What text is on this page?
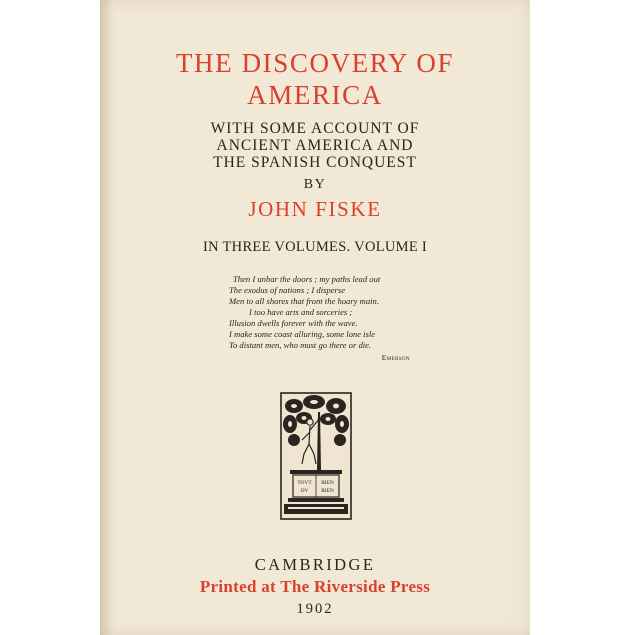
THE DISCOVERY OF
AMERICA
WITH SOME ACCOUNT OF
ANCIENT AMERICA AND
THE SPANISH CONQUEST
BY
JOHN FISKE
IN THREE VOLUMES. VOLUME I
Then I unbar the doors ; my paths lead out
The exodus of nations ; I disperse
Men to all shores that front the hoary main.
I too have arts and sorceries ;
Illusion dwells forever with the wave.
I make some coast alluring, some lone isle
To distant men, who must go there or die.
Emerson
TOVT
OV
BIEN
RIEN
CAMBRIDGE
Printed at The Riverside Press
1902
